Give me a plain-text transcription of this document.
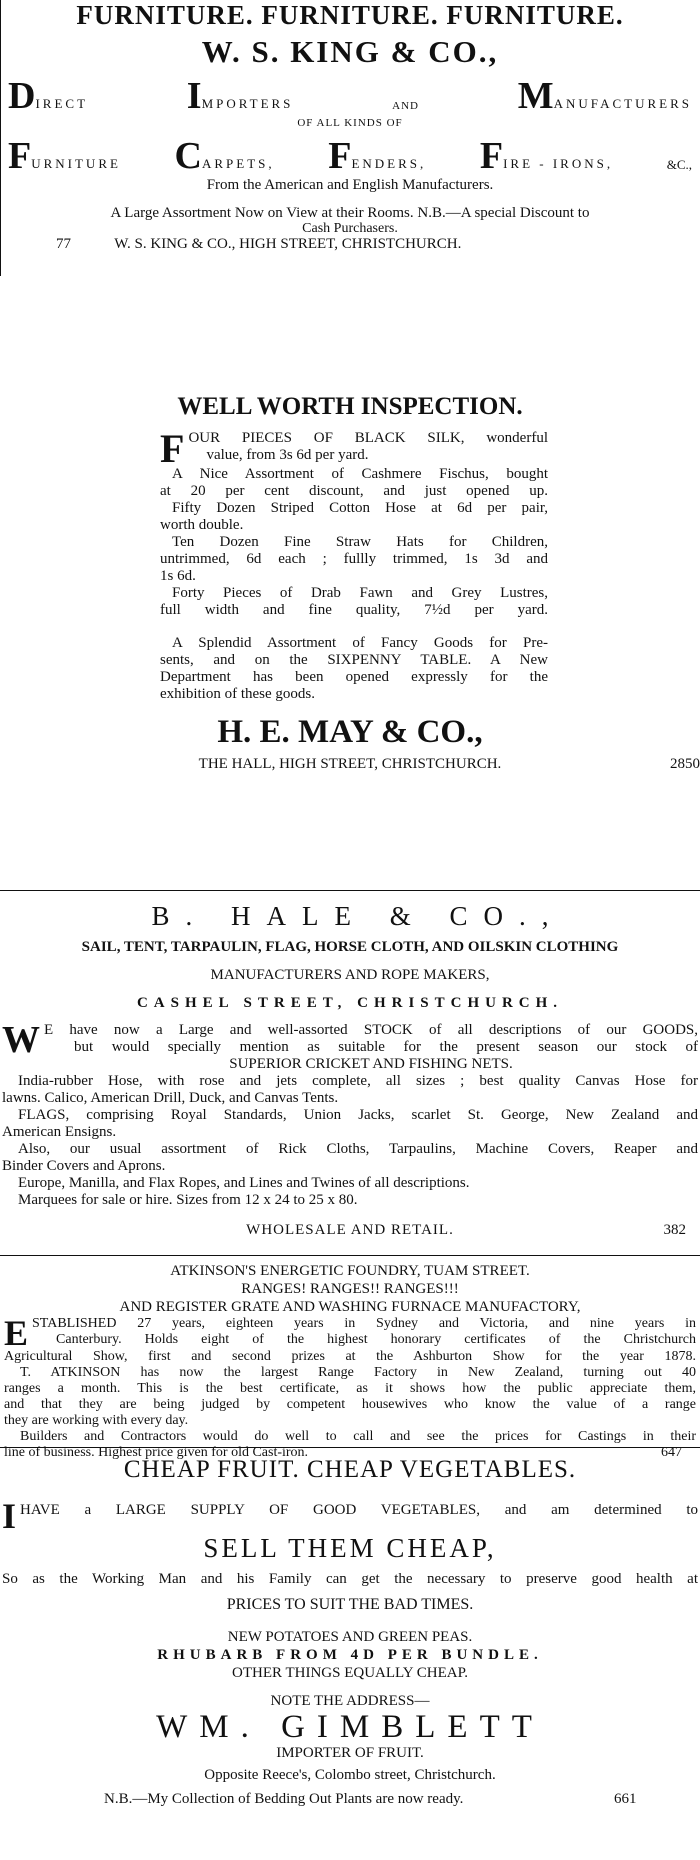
FURNITURE. FURNITURE. FURNITURE.
W. S. KING & CO.,
DIRECT	IMPORTERS	AND	MANUFACTURERS
OF ALL KINDS OF
FURNITURE CARPETS, FENDERS, FIRE - IRONS,	&C.,
From the American and English Manufacturers.
A Large Assortment Now on View at their Rooms. N.B.—A special Discount to
Cash Purchasers.
77	W. S. KING & CO., HIGH STREET, CHRISTCHURCH.
WELL WORTH INSPECTION.
F OUR PIECES OF BLACK SILK, wonderful
value, from 3s 6d per yard.
A Nice Assortment of Cashmere Fischus, bought
at 20 per cent discount, and just opened up.
Fifty Dozen Striped Cotton Hose at 6d per pair,
worth double.
Ten Dozen Fine Straw Hats for Children,
untrimmed, 6d each ; fullly trimmed, 1s 3d and
1s 6d.
Forty Pieces of Drab Fawn and Grey Lustres,
full width and fine quality, 7½d per yard.
A Splendid Assortment of Fancy Goods for Pre-
sents, and on the SIXPENNY TABLE. A New
Department has been opened expressly for the
exhibition of these goods.
H. E. MAY & CO.,
THE HALL, HIGH STREET, CHRISTCHURCH.	2850
B. HALE & CO.,
SAIL, TENT, TARPAULIN, FLAG, HORSE CLOTH, AND OILSKIN CLOTHING
MANUFACTURERS AND ROPE MAKERS,
CASHEL STREET, CHRISTCHURCH.
W E have now a Large and well-assorted STOCK of all descriptions of our GOODS,
but would specially mention as suitable for the present season our stock of
SUPERIOR CRICKET AND FISHING NETS.
India-rubber Hose, with rose and jets complete, all sizes ; best quality Canvas Hose for
lawns. Calico, American Drill, Duck, and Canvas Tents.
FLAGS, comprising Royal Standards, Union Jacks, scarlet St. George, New Zealand and
American Ensigns.
Also, our usual assortment of Rick Cloths, Tarpaulins, Machine Covers, Reaper and
Binder Covers and Aprons.
Europe, Manilla, and Flax Ropes, and Lines and Twines of all descriptions.
Marquees for sale or hire. Sizes from 12 x 24 to 25 x 80.
WHOLESALE AND RETAIL.	382
ATKINSON'S ENERGETIC FOUNDRY, TUAM STREET.
RANGES! RANGES!! RANGES!!!
AND REGISTER GRATE AND WASHING FURNACE MANUFACTORY,
E STABLISHED 27 years, eighteen years in Sydney and Victoria, and nine years in
Canterbury. Holds eight of the highest honorary certificates of the Christchurch
Agricultural Show, first and second prizes at the Ashburton Show for the year 1878.
T. ATKINSON has now the largest Range Factory in New Zealand, turning out 40
ranges a month. This is the best certificate, as it shows how the public appreciate them,
and that they are being judged by competent housewives who know the value of a range
they are working with every day.
Builders and Contractors would do well to call and see the prices for Castings in their
line of business. Highest price given for old Cast-iron.	647
CHEAP FRUIT. CHEAP VEGETABLES.
I HAVE a LARGE SUPPLY OF GOOD VEGETABLES, and am determined to
SELL THEM CHEAP,
So as the Working Man and his Family can get the necessary to preserve good health at
PRICES TO SUIT THE BAD TIMES.
NEW POTATOES AND GREEN PEAS.
RHUBARB FROM 4D PER BUNDLE.
OTHER THINGS EQUALLY CHEAP.
NOTE THE ADDRESS—
WM. GIMBLETT
IMPORTER OF FRUIT.
Opposite Reece's, Colombo street, Christchurch.
N.B.—My Collection of Bedding Out Plants are now ready.	661
